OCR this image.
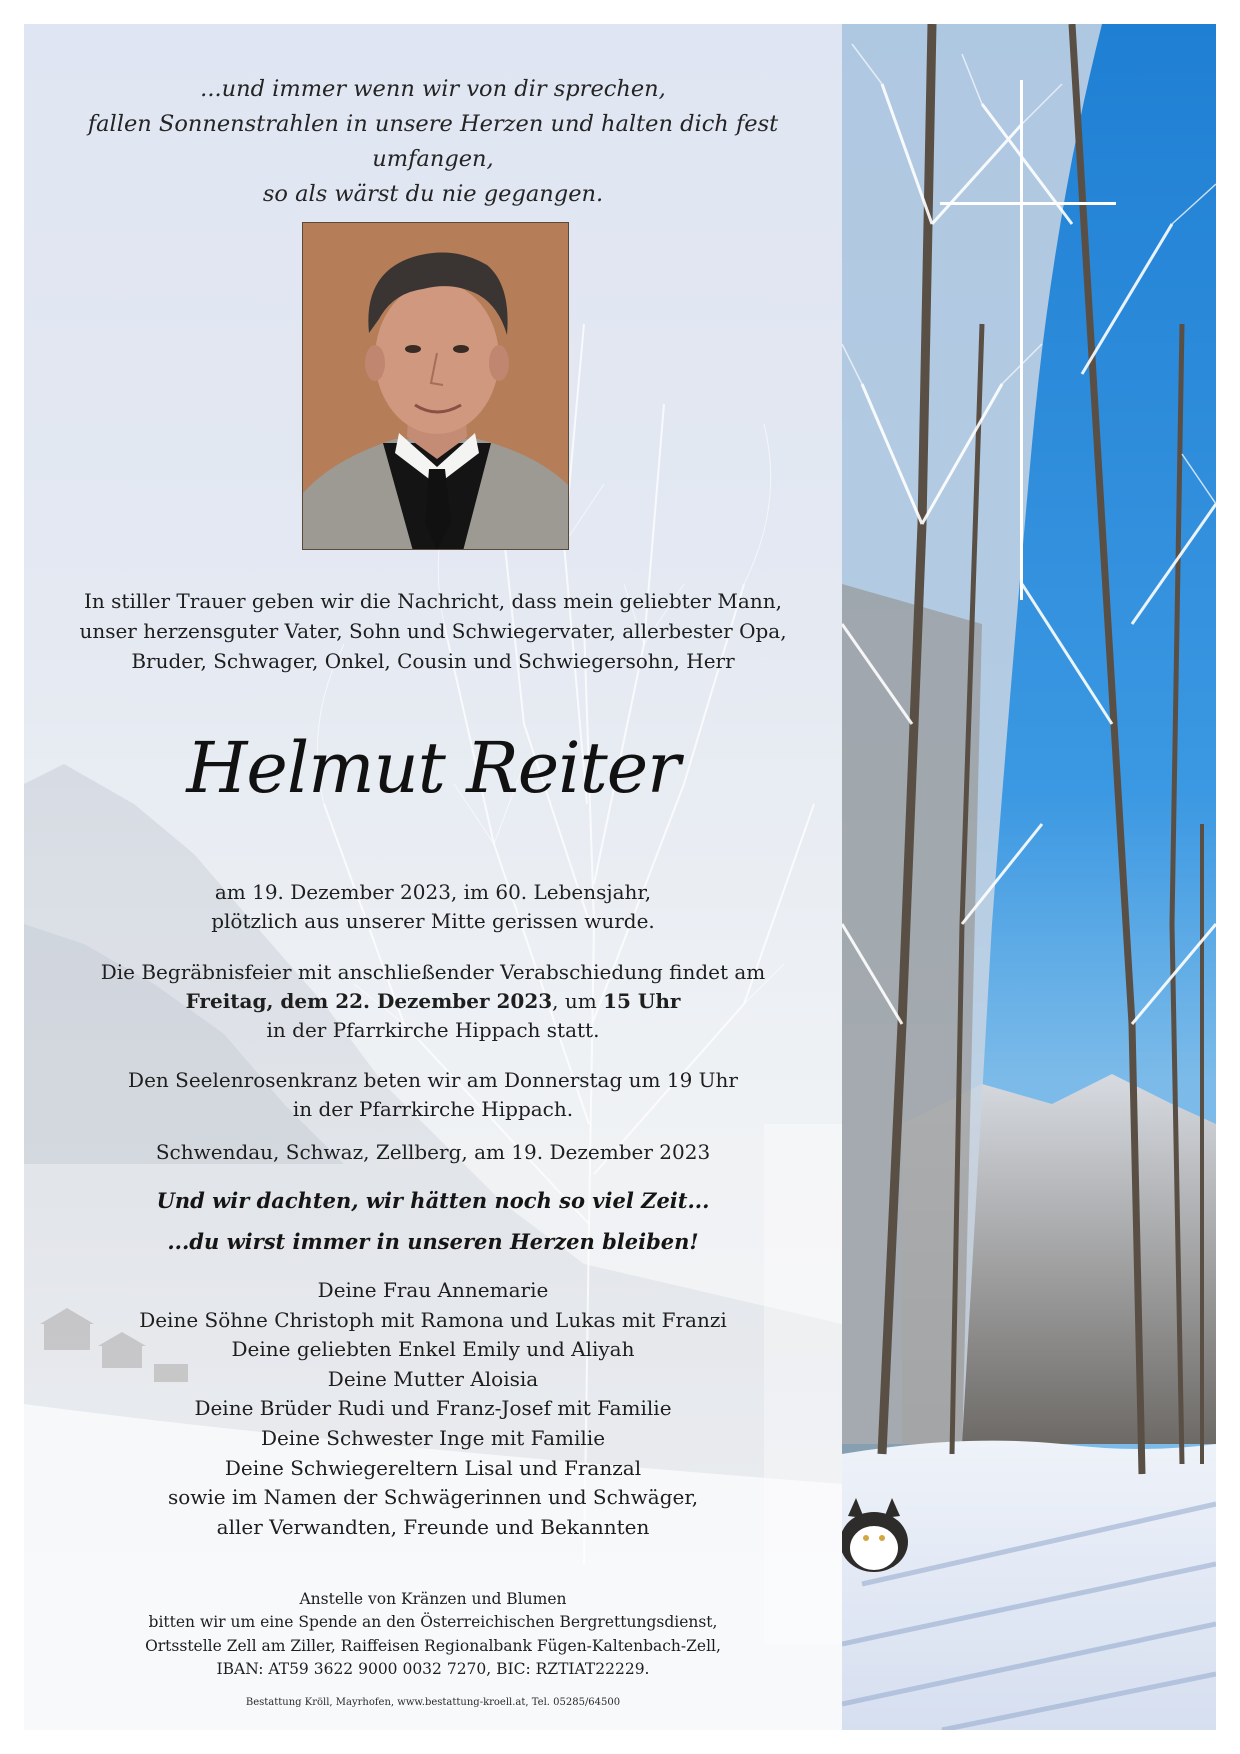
...und immer wenn wir von dir sprechen,
fallen Sonnenstrahlen in unsere Herzen und halten dich fest umfangen,
so als wärst du nie gegangen.
In stiller Trauer geben wir die Nachricht, dass mein geliebter Mann,
unser herzensguter Vater, Sohn und Schwiegervater, allerbester Opa,
Bruder, Schwager, Onkel, Cousin und Schwiegersohn, Herr
Helmut Reiter
am 19. Dezember 2023, im 60. Lebensjahr,
plötzlich aus unserer Mitte gerissen wurde.
Die Begräbnisfeier mit anschließender Verabschiedung findet am
Freitag, dem 22. Dezember 2023, um 15 Uhr
in der Pfarrkirche Hippach statt.
Den Seelenrosenkranz beten wir am Donnerstag um 19 Uhr
in der Pfarrkirche Hippach.
Schwendau, Schwaz, Zellberg, am 19. Dezember 2023
Und wir dachten, wir hätten noch so viel Zeit...
...du wirst immer in unseren Herzen bleiben!
Deine Frau Annemarie
Deine Söhne Christoph mit Ramona und Lukas mit Franzi
Deine geliebten Enkel Emily und Aliyah
Deine Mutter Aloisia
Deine Brüder Rudi und Franz-Josef mit Familie
Deine Schwester Inge mit Familie
Deine Schwiegereltern Lisal und Franzal
sowie im Namen der Schwägerinnen und Schwäger,
aller Verwandten, Freunde und Bekannten
Anstelle von Kränzen und Blumen
bitten wir um eine Spende an den Österreichischen Bergrettungsdienst,
Ortsstelle Zell am Ziller, Raiffeisen Regionalbank Fügen-Kaltenbach-Zell,
IBAN: AT59 3622 9000 0032 7270, BIC: RZTIAT22229.
Bestattung Kröll, Mayrhofen, www.bestattung-kroell.at, Tel. 05285/64500
